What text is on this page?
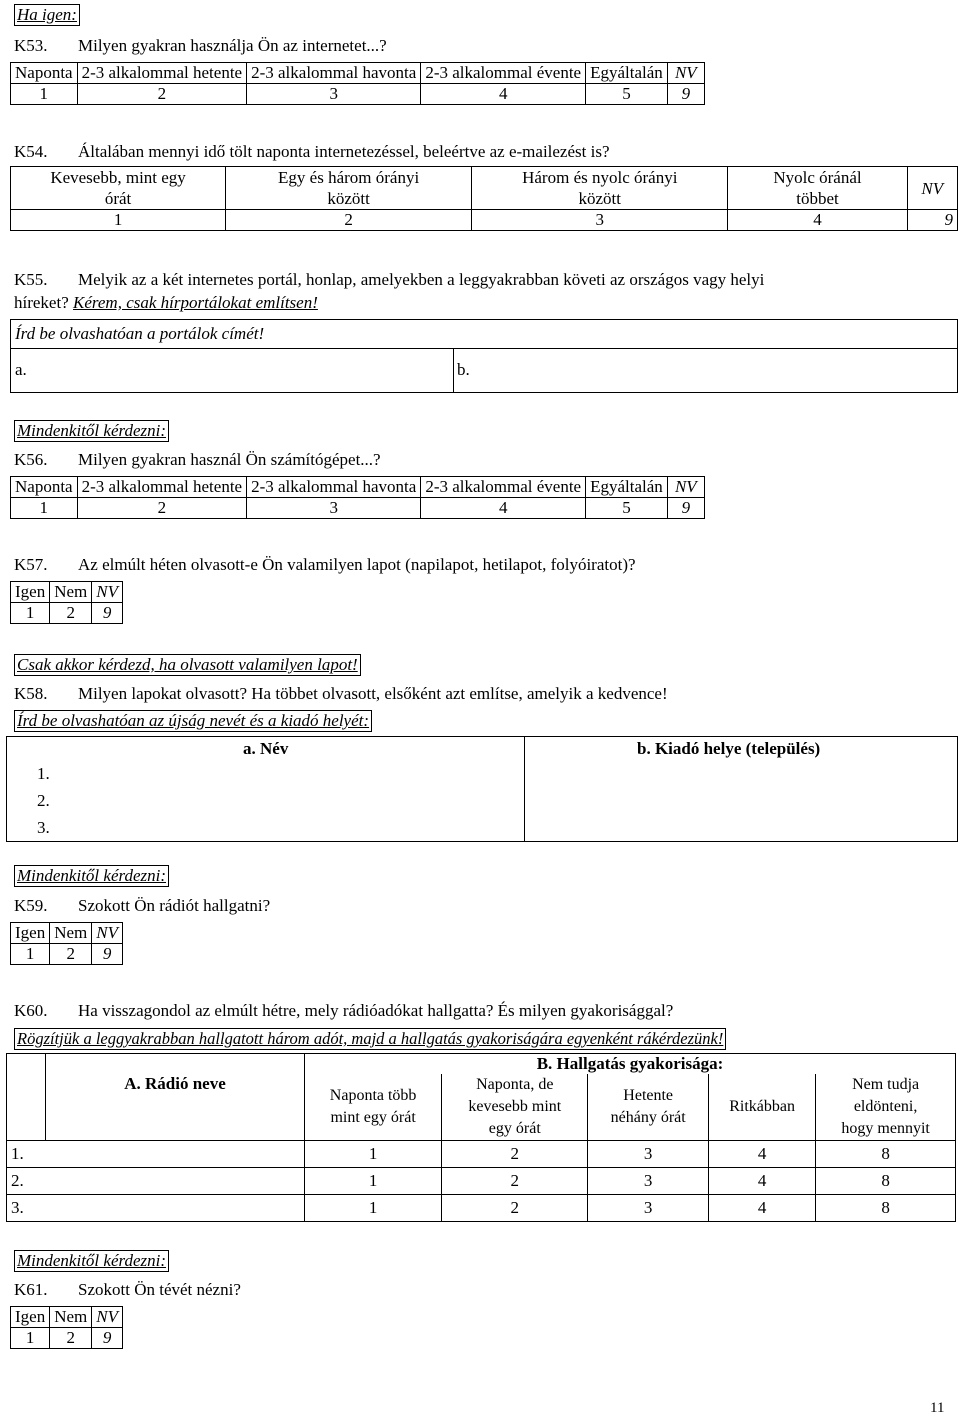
Ha igen:
K53. Milyen gyakran használja Ön az internetet...?
Naponta	2-3 alkalommal hetente	2-3 alkalommal havonta	2-3 alkalommal évente	Egyáltalán	NV
1	2	3	4	5	9
K54. Általában mennyi idő tölt naponta internetezéssel, beleértve az e-mailezést is?
Kevesebb, mint egy
órát	Egy és három órányi
között	Három és nyolc órányi
között	Nyolc óránál
többet	NV
1	2	3	4	9
K55. Melyik az a két internetes portál, honlap, amelyekben a leggyakrabban követi az országos vagy helyi
híreket? Kérem, csak hírportálokat említsen!
Írd be olvashatóan a portálok címét!
a.	b.
Mindenkitől kérdezni:
K56. Milyen gyakran használ Ön számítógépet...?
Naponta	2-3 alkalommal hetente	2-3 alkalommal havonta	2-3 alkalommal évente	Egyáltalán	NV
1	2	3	4	5	9
K57. Az elmúlt héten olvasott-e Ön valamilyen lapot (napilapot, hetilapot, folyóiratot)?
Igen	Nem	NV
1	2	9
Csak akkor kérdezd, ha olvasott valamilyen lapot!
K58. Milyen lapokat olvasott? Ha többet olvasott, elsőként azt említse, amelyik a kedvence!
Írd be olvashatóan az újság nevét és a kiadó helyét:
a. Név	b. Kiadó helye (település)
1.
2.
3.
Mindenkitől kérdezni:
K59. Szokott Ön rádiót hallgatni?
Igen	Nem	NV
1	2	9
K60. Ha visszagondol az elmúlt hétre, mely rádióadókat hallgatta? És milyen gyakorisággal?
Rögzítjük a leggyakrabban hallgatott három adót, majd a hallgatás gyakoriságára egyenként rákérdezünk!
	A. Rádió neve	B. Hallgatás gyakorisága:				
		Naponta több
mint egy órát	Naponta, de
kevesebb mint
egy órát	Hetente
néhány órát	Ritkábban	Nem tudja
eldönteni,
hogy mennyit
1.		1	2	3	4	8
2.		1	2	3	4	8
3.		1	2	3	4	8
Mindenkitől kérdezni:
K61. Szokott Ön tévét nézni?
Igen	Nem	NV
1	2	9
11
